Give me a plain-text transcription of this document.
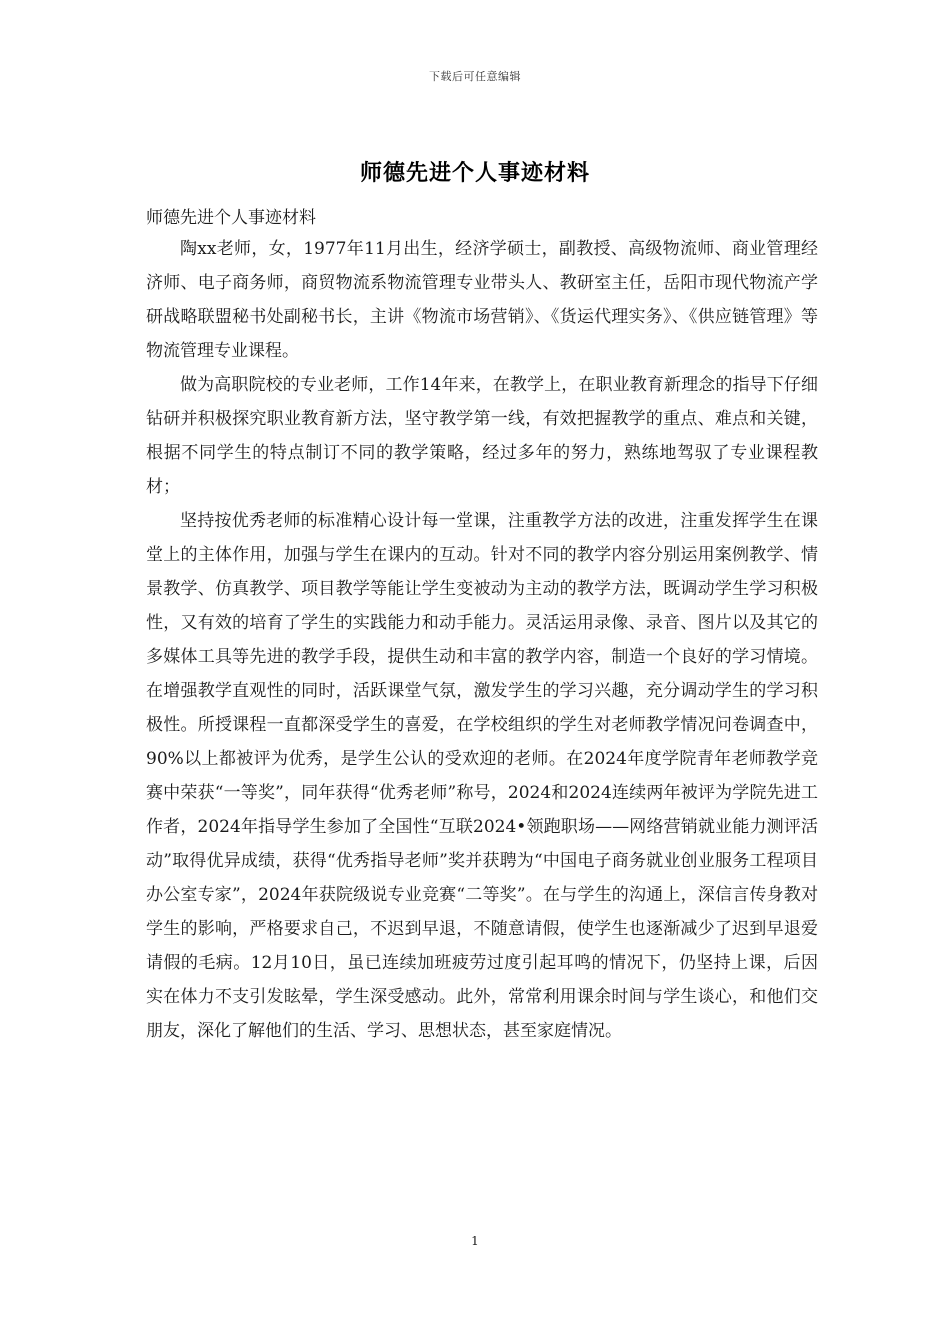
下载后可任意编辑
师德先进个人事迹材料
师德先进个人事迹材料

陶xx老师，女，1977年11月出生，经济学硕士，副教授、高级物流师、商业管理经济师、电子商务师，商贸物流系物流管理专业带头人、教研室主任，岳阳市现代物流产学研战略联盟秘书处副秘书长，主讲《物流市场营销》、《货运代理实务》、《供应链管理》等物流管理专业课程。

做为高职院校的专业老师，工作14年来，在教学上，在职业教育新理念的指导下仔细钻研并积极探究职业教育新方法，坚守教学第一线，有效把握教学的重点、难点和关键，根据不同学生的特点制订不同的教学策略，经过多年的努力，熟练地驾驭了专业课程教材；

坚持按优秀老师的标准精心设计每一堂课，注重教学方法的改进，注重发挥学生在课堂上的主体作用，加强与学生在课内的互动。针对不同的教学内容分别运用案例教学、情景教学、仿真教学、项目教学等能让学生变被动为主动的教学方法，既调动学生学习积极性，又有效的培育了学生的实践能力和动手能力。灵活运用录像、录音、图片以及其它的多媒体工具等先进的教学手段，提供生动和丰富的教学内容，制造一个良好的学习情境。在增强教学直观性的同时，活跃课堂气氛，激发学生的学习兴趣，充分调动学生的学习积极性。所授课程一直都深受学生的喜爱，在学校组织的学生对老师教学情况问卷调查中，90%以上都被评为优秀，是学生公认的受欢迎的老师。在2024年度学院青年老师教学竞赛中荣获“一等奖”，同年获得“优秀老师”称号，2024和2024连续两年被评为学院先进工作者，2024年指导学生参加了全国性“互联2024•领跑职场——网络营销就业能力测评活动”取得优异成绩，获得“优秀指导老师”奖并获聘为“中国电子商务就业创业服务工程项目办公室专家”，2024年获院级说专业竞赛“二等奖”。在与学生的沟通上，深信言传身教对学生的影响，严格要求自己，不迟到早退，不随意请假，使学生也逐渐减少了迟到早退爱请假的毛病。12月10日，虽已连续加班疲劳过度引起耳鸣的情况下，仍坚持上课，后因实在体力不支引发眩晕，学生深受感动。此外，常常利用课余时间与学生谈心，和他们交朋友，深化了解他们的生活、学习、思想状态，甚至家庭情况。

1
